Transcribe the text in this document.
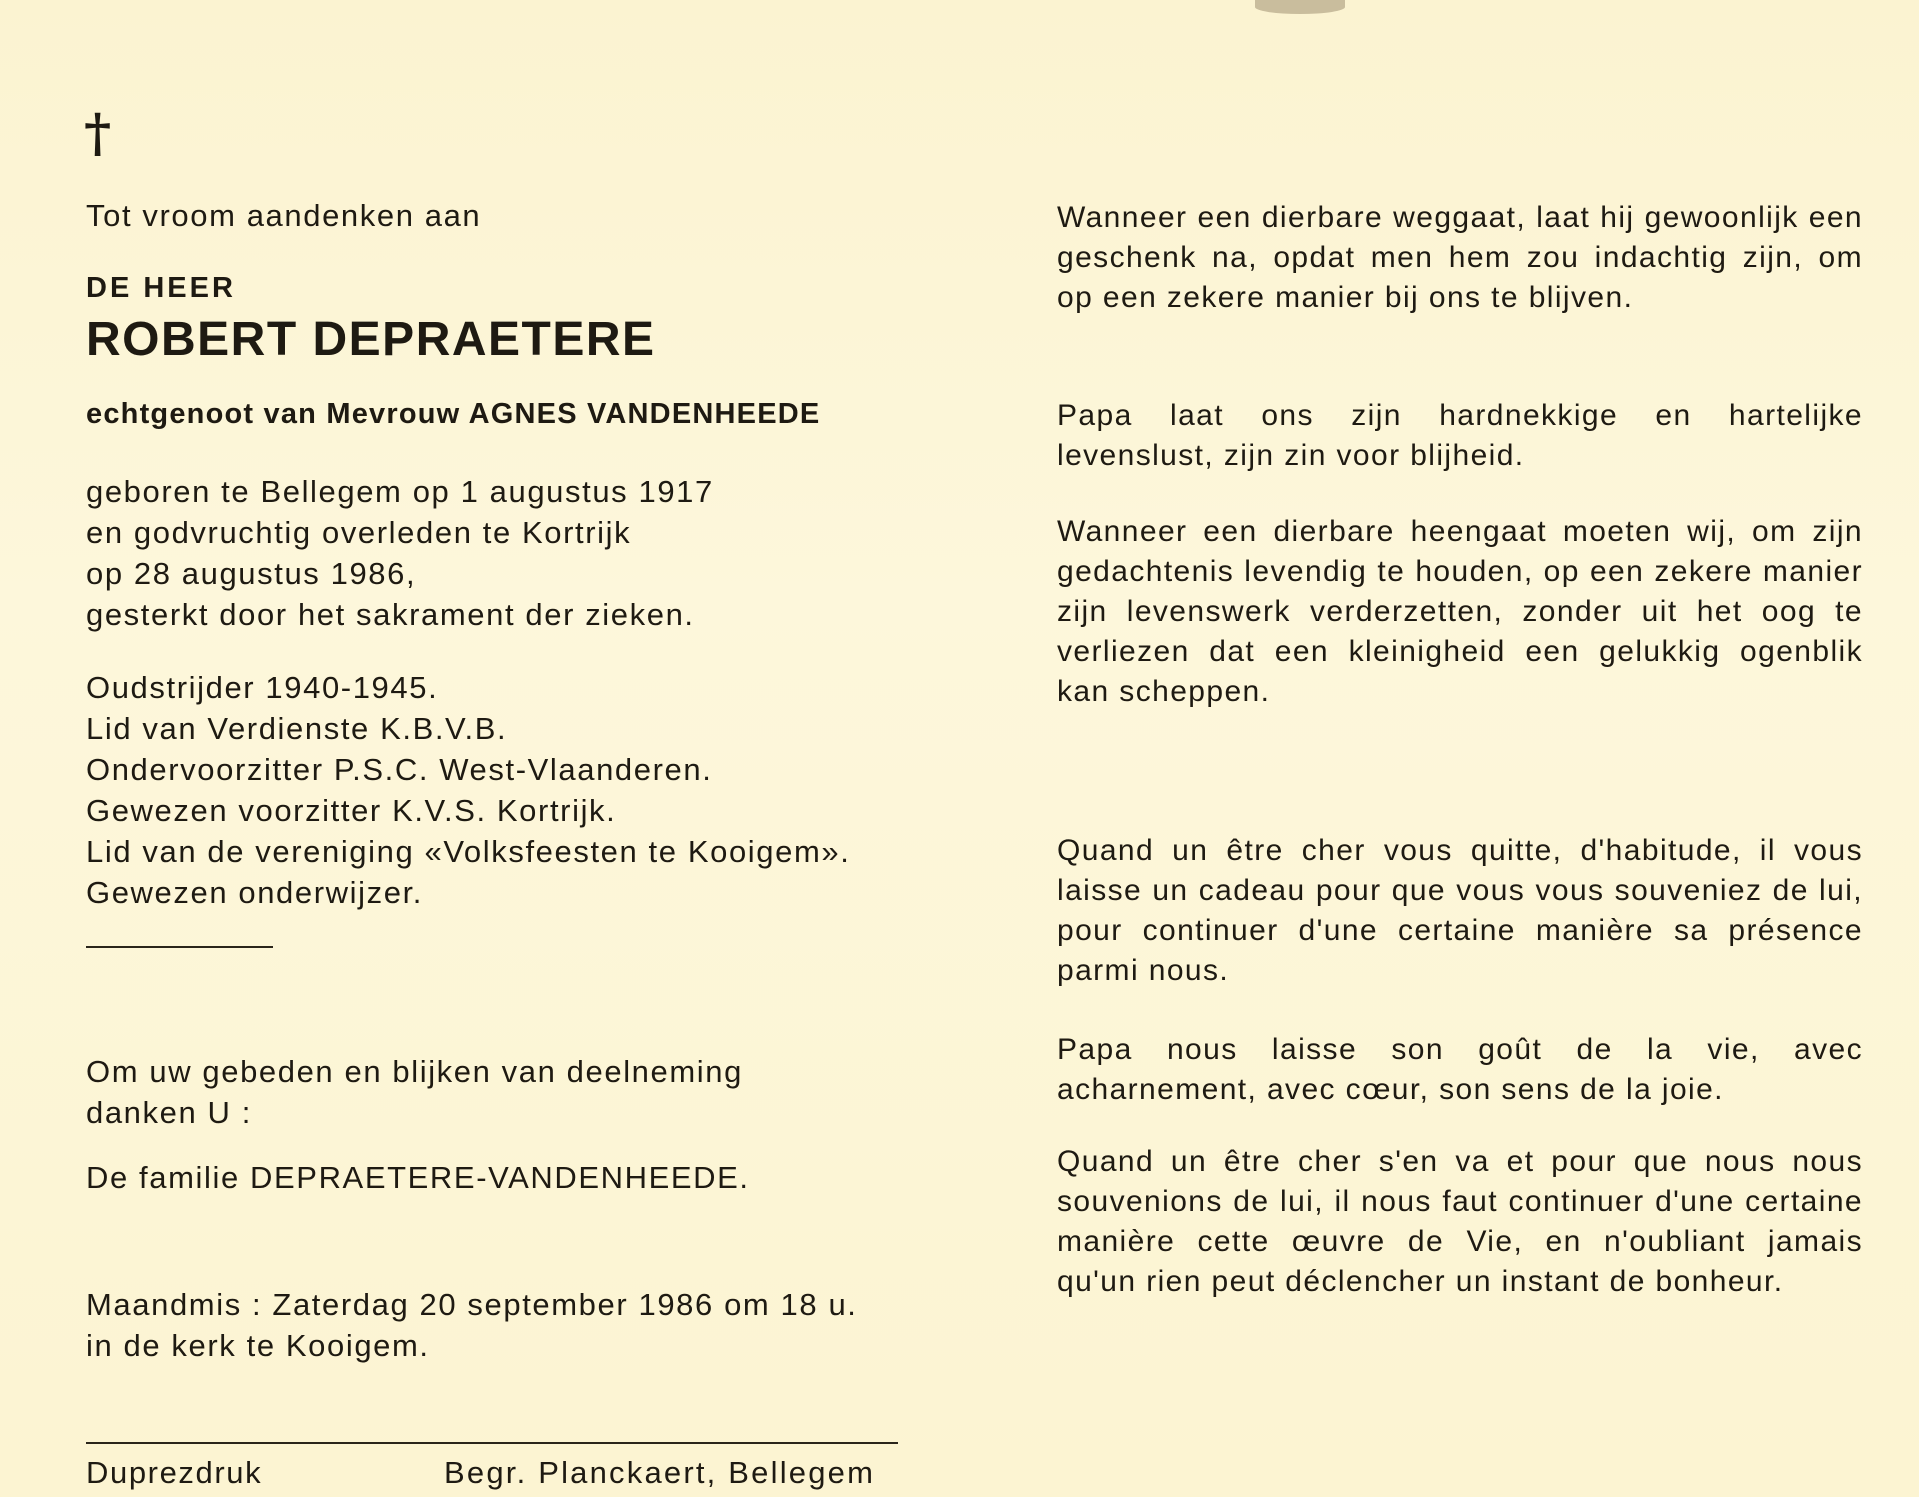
†
Tot vroom aandenken aan
DE HEER
ROBERT DEPRAETERE
echtgenoot van Mevrouw AGNES VANDENHEEDE
geboren te Bellegem op 1 augustus 1917
en godvruchtig overleden te Kortrijk
op 28 augustus 1986,
gesterkt door het sakrament der zieken.
Oudstrijder 1940-1945.
Lid van Verdienste K.B.V.B.
Ondervoorzitter P.S.C. West-Vlaanderen.
Gewezen voorzitter K.V.S. Kortrijk.
Lid van de vereniging «Volksfeesten te Kooigem».
Gewezen onderwijzer.
Om uw gebeden en blijken van deelneming
danken U :
De familie DEPRAETERE-VANDENHEEDE.
Maandmis : Zaterdag 20 september 1986 om 18 u.
in de kerk te Kooigem.
Duprezdruk	Begr. Planckaert, Bellegem
Wanneer een dierbare weggaat, laat hij gewoonlijk een geschenk na, opdat men hem zou indachtig zijn, om op een zekere manier bij ons te blijven.
Papa laat ons zijn hardnekkige en hartelijke levenslust, zijn zin voor blijheid.
Wanneer een dierbare heengaat moeten wij, om zijn gedachtenis levendig te houden, op een zekere manier zijn levenswerk verderzetten, zonder uit het oog te verliezen dat een kleinigheid een gelukkig ogenblik kan scheppen.
Quand un être cher vous quitte, d'habitude, il vous laisse un cadeau pour que vous vous souveniez de lui, pour continuer d'une certaine manière sa présence parmi nous.
Papa nous laisse son goût de la vie, avec acharnement, avec cœur, son sens de la joie.
Quand un être cher s'en va et pour que nous nous souvenions de lui, il nous faut continuer d'une certaine manière cette œuvre de Vie, en n'oubliant jamais qu'un rien peut déclencher un instant de bonheur.
